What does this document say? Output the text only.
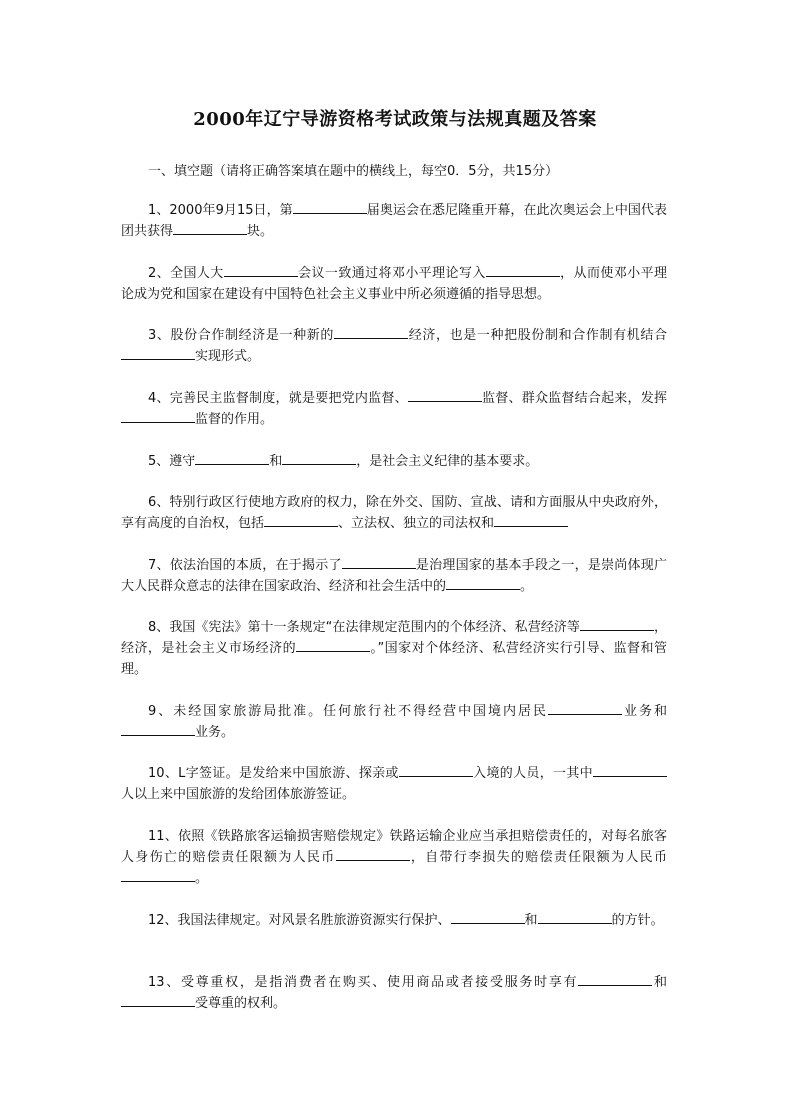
2000年辽宁导游资格考试政策与法规真题及答案
一、填空题（请将正确答案填在题中的横线上，每空0．5分，共15分）
1、2000年9月15日，第	届奥运会在悉尼隆重开幕，在此次奥运会上中国代表团共获得	块。
2、全国人大	会议一致通过将邓小平理论写入	，从而使邓小平理论成为党和国家在建设有中国特色社会主义事业中所必须遵循的指导思想。
3、股份合作制经济是一种新的	经济，也是一种把股份制和合作制有机结合实现形式。
4、完善民主监督制度，就是要把党内监督、	监督、群众监督结合起来，发挥监督的作用。
5、遵守	和	，是社会主义纪律的基本要求。
6、特别行政区行使地方政府的权力，除在外交、国防、宣战、请和方面服从中央政府外，享有高度的自治权，包括	、立法权、独立的司法权和
7、依法治国的本质，在于揭示了	是治理国家的基本手段之一，是崇尚体现广大人民群众意志的法律在国家政治、经济和社会生活中的	。
8、我国《宪法》第十一条规定“在法律规定范围内的个体经济、私营经济等	，经济，是社会主义市场经济的	。”国家对个体经济、私营经济实行引导、监督和管理。
9、未经国家旅游局批准。任何旅行社不得经营中国境内居民	业务和业务。
10、L字签证。是发给来中国旅游、探亲或	入境的人员，一其中人以上来中国旅游的发给团体旅游签证。
11、依照《铁路旅客运输损害赔偿规定》铁路运输企业应当承担赔偿责任的，对每名旅客人身伤亡的赔偿责任限额为人民币	，自带行李损失的赔偿责任限额为人民币。
12、我国法律规定。对风景名胜旅游资源实行保护、	和	的方针。
13、受尊重权，是指消费者在购买、使用商品或者接受服务时享有	和受尊重的权利。
